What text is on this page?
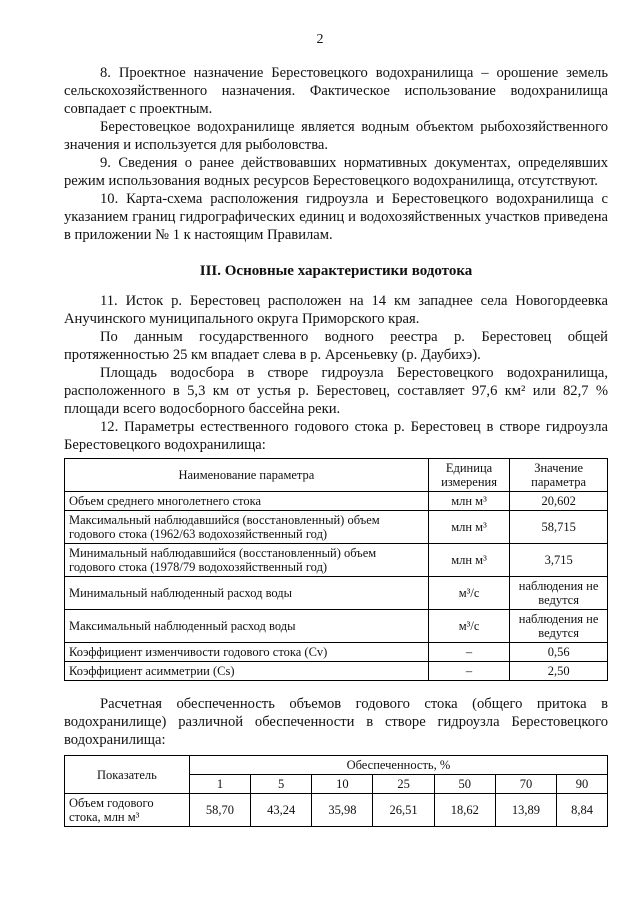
2

8. Проектное назначение Берестовецкого водохранилища – орошение земель сельскохозяйственного назначения. Фактическое использование водохранилища совпадает с проектным.

Берестовецкое водохранилище является водным объектом рыбохозяйственного значения и используется для рыболовства.

9. Сведения о ранее действовавших нормативных документах, определявших режим использования водных ресурсов Берестовецкого водохранилища, отсутствуют.

10. Карта-схема расположения гидроузла и Берестовецкого водохранилища с указанием границ гидрографических единиц и водохозяйственных участков приведена в приложении № 1 к настоящим Правилам.

III. Основные характеристики водотока

11. Исток р. Берестовец расположен на 14 км западнее села Новогордеевка Анучинского муниципального округа Приморского края.

По данным государственного водного реестра р. Берестовец общей протяженностью 25 км впадает слева в р. Арсеньевку (р. Даубихэ).

Площадь водосбора в створе гидроузла Берестовецкого водохранилища, расположенного в 5,3 км от устья р. Берестовец, составляет 97,6 км² или 82,7 % площади всего водосборного бассейна реки.

12. Параметры естественного годового стока р. Берестовец в створе гидроузла Берестовецкого водохранилища:

Наименование параметра	Единица измерения	Значение параметра
Объем среднего многолетнего стока	млн м³	20,602
Максимальный наблюдавшийся (восстановленный) объем годового стока (1962/63 водохозяйственный год)	млн м³	58,715
Минимальный наблюдавшийся (восстановленный) объем годового стока (1978/79 водохозяйственный год)	млн м³	3,715
Минимальный наблюденный расход воды	м³/с	наблюдения не ведутся
Максимальный наблюденный расход воды	м³/с	наблюдения не ведутся
Коэффициент изменчивости годового стока (Cv)	–	0,56
Коэффициент асимметрии (Cs)	–	2,50

Расчетная обеспеченность объемов годового стока (общего притока в водохранилище) различной обеспеченности в створе гидроузла Берестовецкого водохранилища:

Показатель	Обеспеченность, %						
	1	5	10	25	50	70	90
Объем годового стока, млн м³	58,70	43,24	35,98	26,51	18,62	13,89	8,84
